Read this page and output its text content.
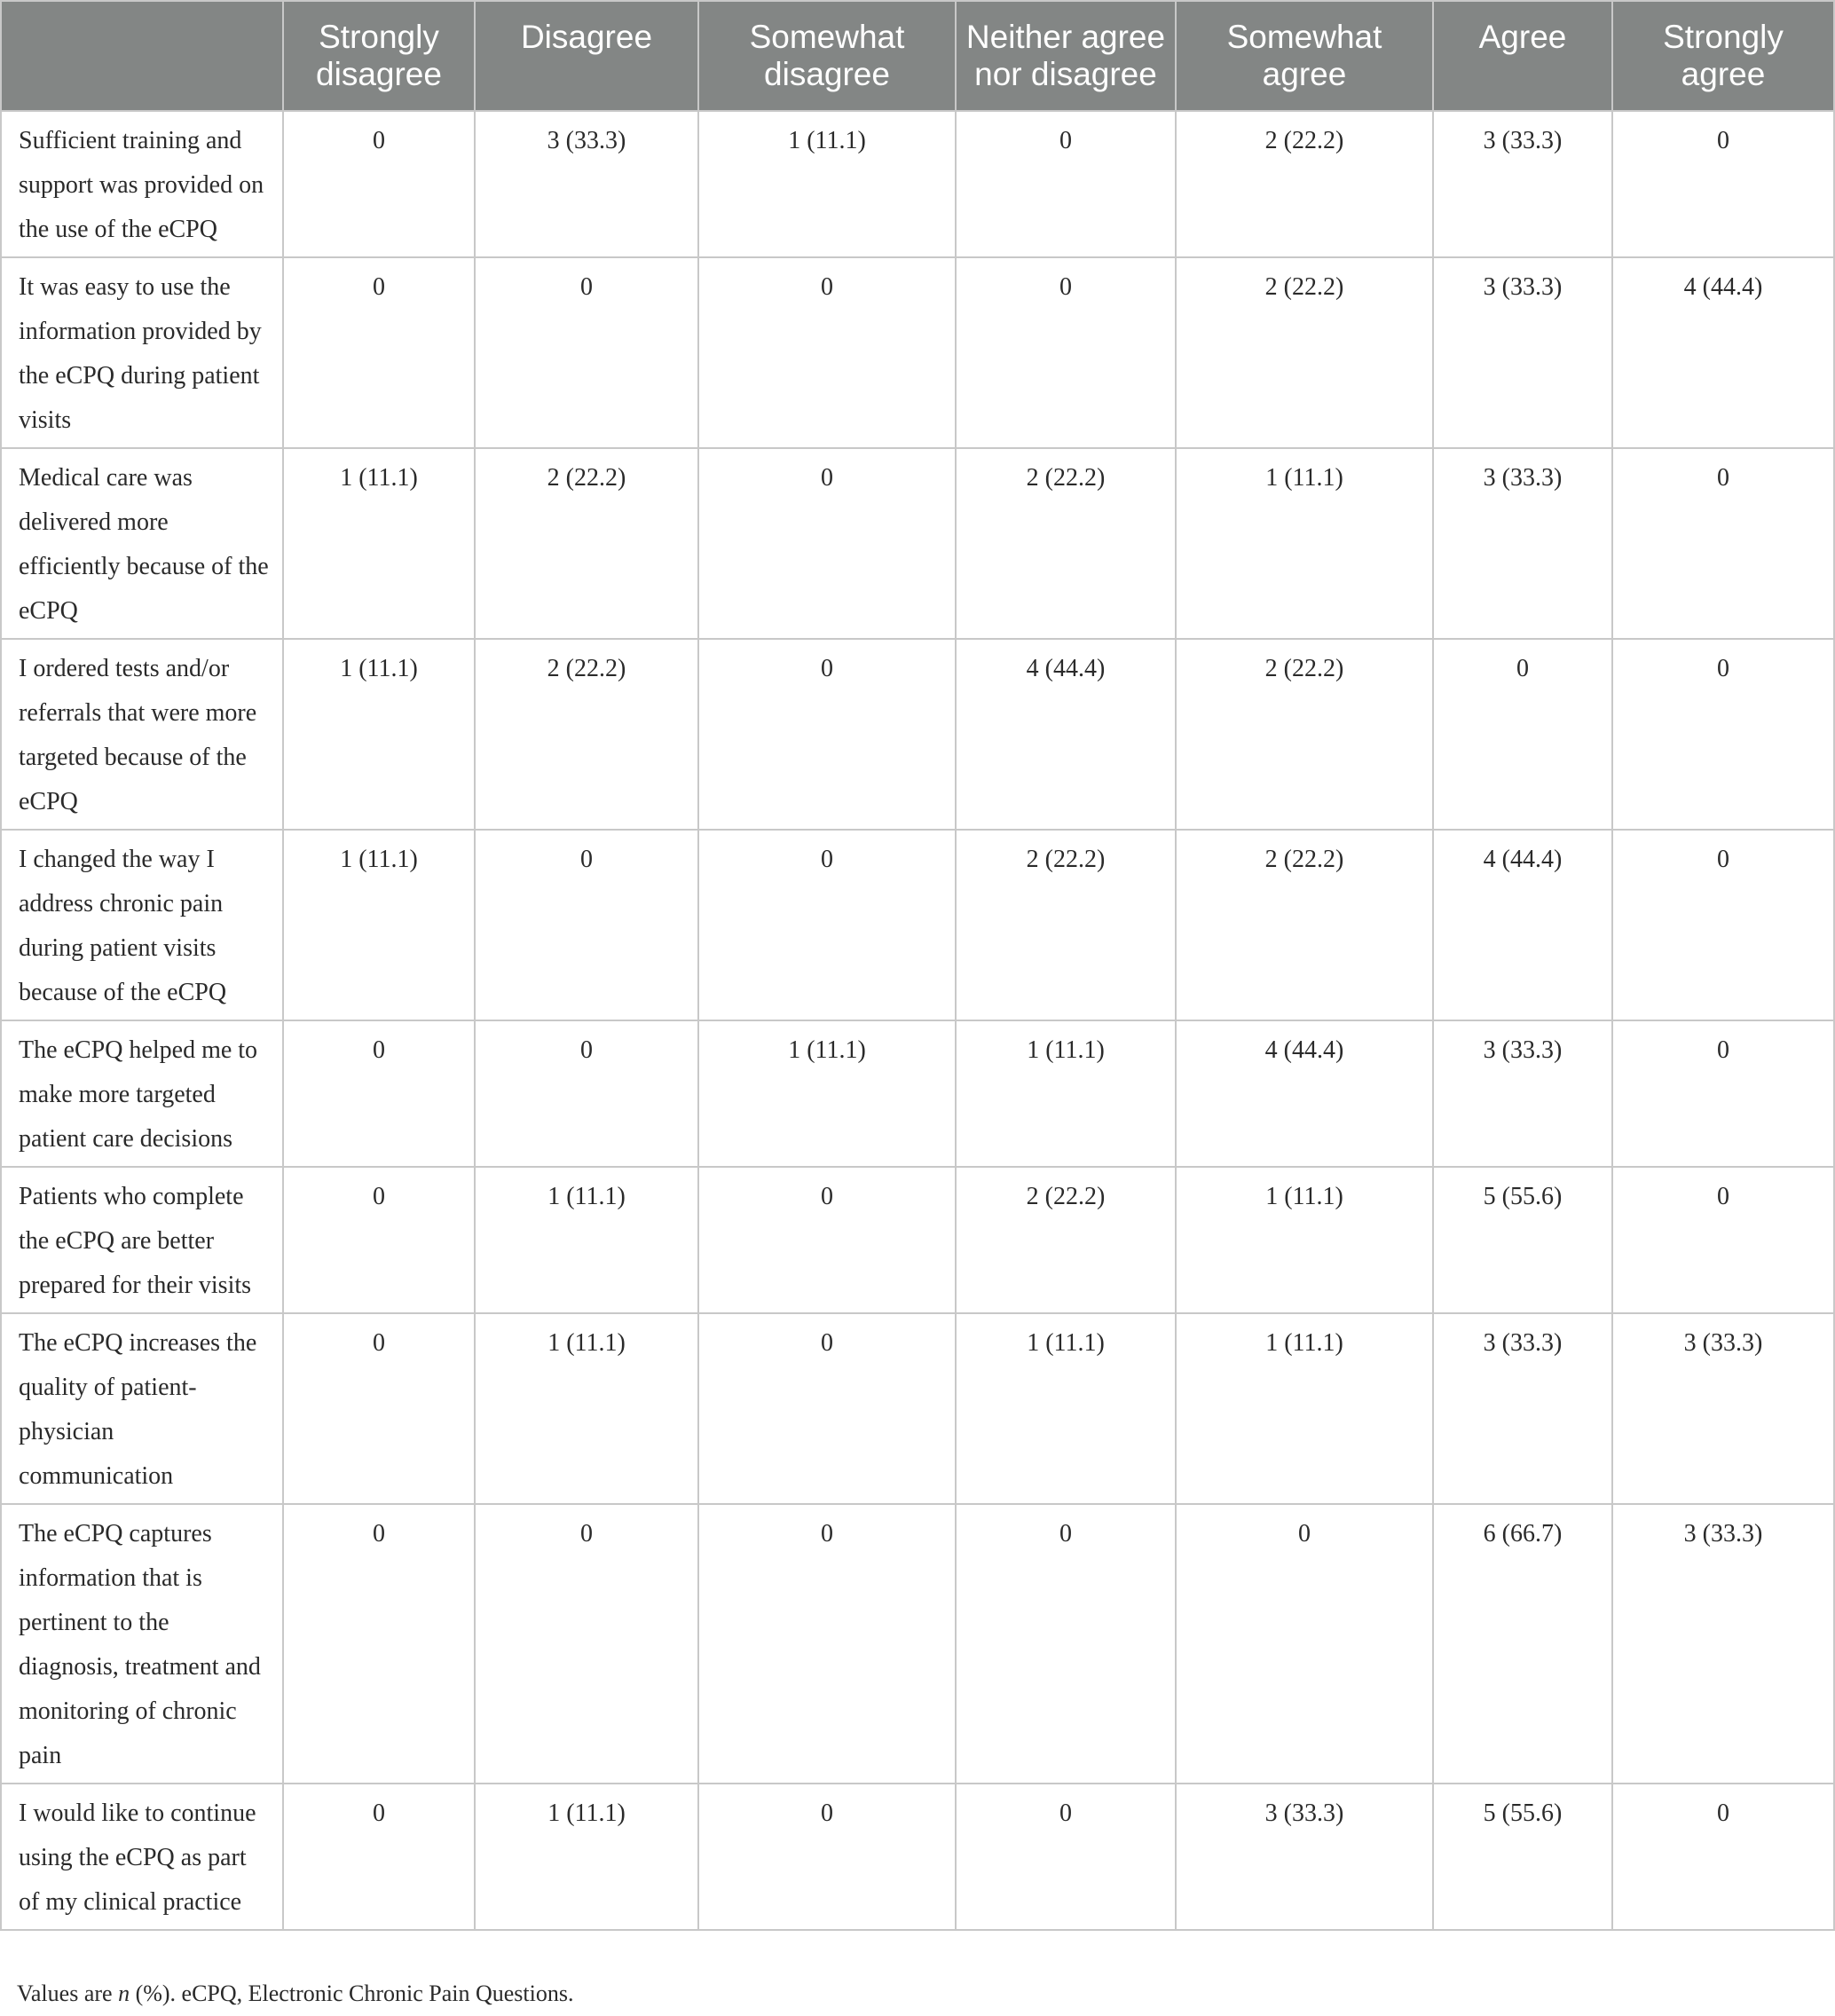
	Strongly disagree	Disagree	Somewhat disagree	Neither agree nor disagree	Somewhat agree	Agree	Strongly agree
Sufficient training and support was provided on the use of the eCPQ	0	3 (33.3)	1 (11.1)	0	2 (22.2)	3 (33.3)	0
It was easy to use the information provided by the eCPQ during patient visits	0	0	0	0	2 (22.2)	3 (33.3)	4 (44.4)
Medical care was delivered more efficiently because of the eCPQ	1 (11.1)	2 (22.2)	0	2 (22.2)	1 (11.1)	3 (33.3)	0
I ordered tests and/or referrals that were more targeted because of the eCPQ	1 (11.1)	2 (22.2)	0	4 (44.4)	2 (22.2)	0	0
I changed the way I address chronic pain during patient visits because of the eCPQ	1 (11.1)	0	0	2 (22.2)	2 (22.2)	4 (44.4)	0
The eCPQ helped me to make more targeted patient care decisions	0	0	1 (11.1)	1 (11.1)	4 (44.4)	3 (33.3)	0
Patients who complete the eCPQ are better prepared for their visits	0	1 (11.1)	0	2 (22.2)	1 (11.1)	5 (55.6)	0
The eCPQ increases the quality of patient-physician communication	0	1 (11.1)	0	1 (11.1)	1 (11.1)	3 (33.3)	3 (33.3)
The eCPQ captures information that is pertinent to the diagnosis, treatment and monitoring of chronic pain	0	0	0	0	0	6 (66.7)	3 (33.3)
I would like to continue using the eCPQ as part of my clinical practice	0	1 (11.1)	0	0	3 (33.3)	5 (55.6)	0
Values are n (%). eCPQ, Electronic Chronic Pain Questions.
